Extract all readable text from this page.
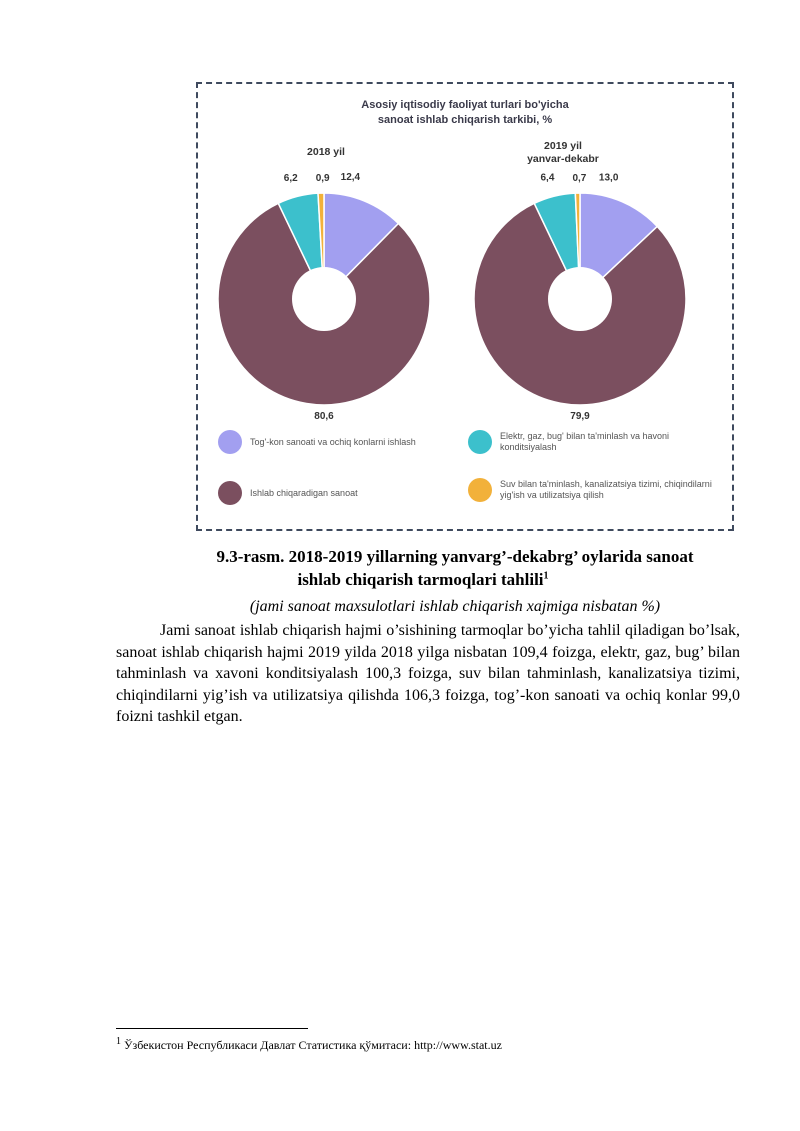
Asosiy iqtisodiy faoliyat turlari bo'yicha
sanoat ishlab chiqarish tarkibi, %
2018 yil	2019 yil
yanvar-dekabr
12,4
80,6
6,2 0,9	13,0
79,9
6,4 0,7
Tog'-kon sanoati va ochiq konlarni ishlash
Elektr, gaz, bug' bilan ta'minlash va havoni konditsiyalash
Ishlab chiqaradigan sanoat
Suv bilan ta'minlash, kanalizatsiya tizimi, chiqindilarni yig'ish va utilizatsiya qilish
9.3-rasm. 2018-2019 yillarning yanvarg’-dekabrg’ oylarida sanoat
ishlab chiqarish tarmoqlari tahlili$^1$
(jami sanoat maxsulotlari ishlab chiqarish xajmiga nisbatan %)
Jami sanoat ishlab chiqarish hajmi o’sishining tarmoqlar bo’yicha tahlil qiladigan bo’lsak, sanoat ishlab chiqarish hajmi 2019 yilda 2018 yilga nisbatan 109,4 foizga, elektr, gaz, bug’ bilan tahminlash va xavoni konditsiyalash 100,3 foizga, suv bilan tahminlash, kanalizatsiya tizimi, chiqindilarni yig’ish va utilizatsiya qilishda 106,3 foizga, tog’-kon sanoati va ochiq konlar 99,0 foizni tashkil etgan.
$^1$ Ўзбекистон Республикаси Давлат Статистика қўмитаси: http://www.stat.uz
